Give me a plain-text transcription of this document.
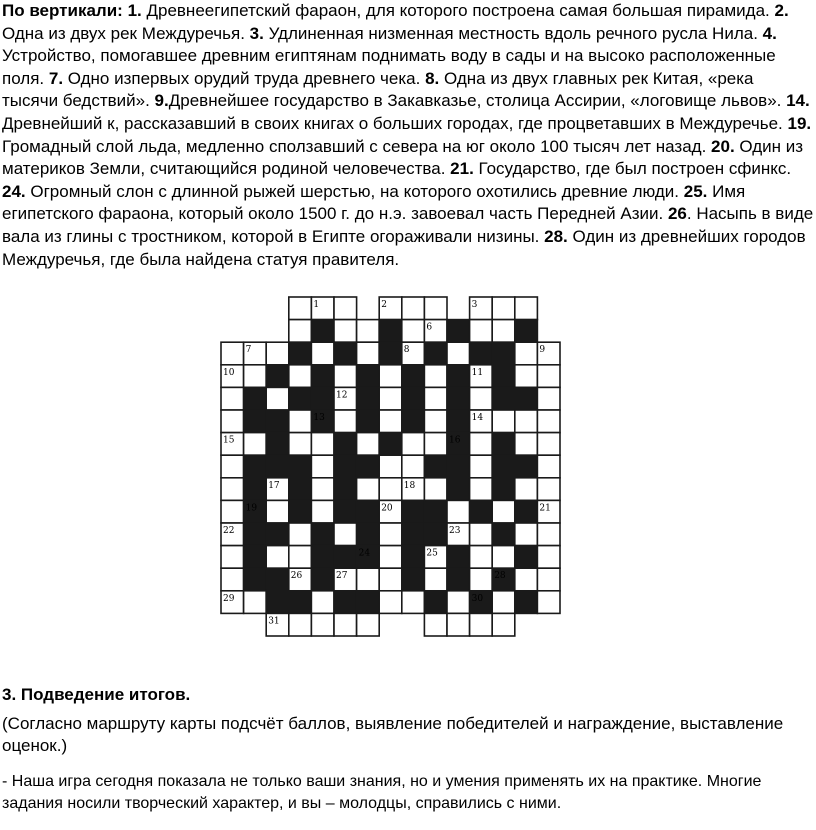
По вертикали: 1. Древнеегипетский фараон, для которого построена самая большая пирамида. 2. Одна из двух рек Междуречья. 3. Удлиненная низменная местность вдоль речного русла Нила. 4. Устройство, помогавшее древним египтянам поднимать воду в сады и на высоко расположенные поля. 7. Одно изпервых орудий труда древнего чека. 8. Одна из двух главных рек Китая, «река тысячи бедствий». 9.Древнейшее государство в Закавказье, столица Ассирии, «логовище львов». 14. Древнейший к, рассказавший в своих книгах о больших городах, где процветавших в Междуречье. 19. Громадный слой льда, медленно сползавший с севера на юг около 100 тысяч лет назад. 20. Один из материков Земли, считающийся родиной человечества. 21. Государство, где был построен сфинкс. 24. Огромный слон с длинной рыжей шерстью, на которого охотились древние люди. 25. Имя египетского фараона, который около 1500 г. до н.э. завоевал часть Передней Азии. 26. Насыпь в виде вала из глины с тростником, которой в Египте огораживали низины. 28. Один из древнейших городов Междуречья, где была найдена статуя правителя.
1	2	3
6
7	8	9
10	11
12
13	14
15	16
17	18
19	20	21
22	23
24	25
26	27	28
29	30
31
3. Подведение итогов.
(Согласно маршруту карты подсчёт баллов, выявление победителей и награждение, выставление оценок.)
- Наша игра сегодня показала не только ваши знания, но и умения применять их на практике. Многие задания носили творческий характер, и вы – молодцы, справились с ними.
